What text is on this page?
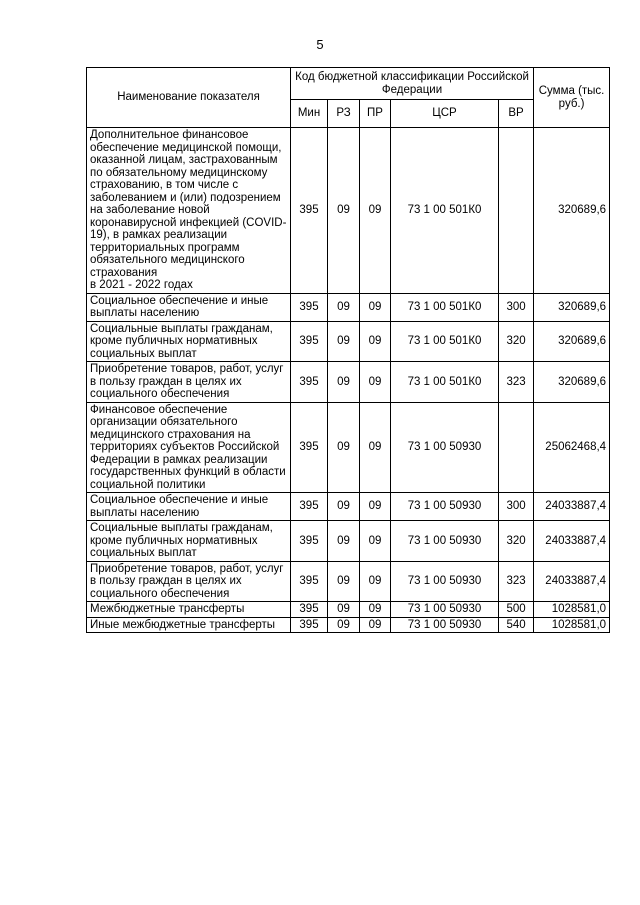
5
Наименование показателя	Код бюджетной классификации Российской Федерации					Сумма (тыс. руб.)
	Мин	РЗ	ПР	ЦСР	ВР	
Дополнительное финансовое обеспечение медицинской помощи, оказанной лицам, застрахованным по обязательному медицинскому страхованию, в том числе с заболеванием и (или) подозрением на заболевание новой коронавирусной инфекцией (COVID-19), в рамках реализации территориальных программ обязательного медицинского страхования
в 2021 - 2022 годах	395	09	09	73 1 00 501К0		320689,6
Социальное обеспечение и иные выплаты населению	395	09	09	73 1 00 501К0	300	320689,6
Социальные выплаты гражданам, кроме публичных нормативных социальных выплат	395	09	09	73 1 00 501К0	320	320689,6
Приобретение товаров, работ, услуг в пользу граждан в целях их социального обеспечения	395	09	09	73 1 00 501К0	323	320689,6
Финансовое обеспечение организации обязательного медицинского страхования на территориях субъектов Российской Федерации в рамках реализации государственных функций в области социальной политики	395	09	09	73 1 00 50930		25062468,4
Социальное обеспечение и иные выплаты населению	395	09	09	73 1 00 50930	300	24033887,4
Социальные выплаты гражданам, кроме публичных нормативных социальных выплат	395	09	09	73 1 00 50930	320	24033887,4
Приобретение товаров, работ, услуг в пользу граждан в целях их социального обеспечения	395	09	09	73 1 00 50930	323	24033887,4
Межбюджетные трансферты	395	09	09	73 1 00 50930	500	1028581,0
Иные межбюджетные трансферты	395	09	09	73 1 00 50930	540	1028581,0
